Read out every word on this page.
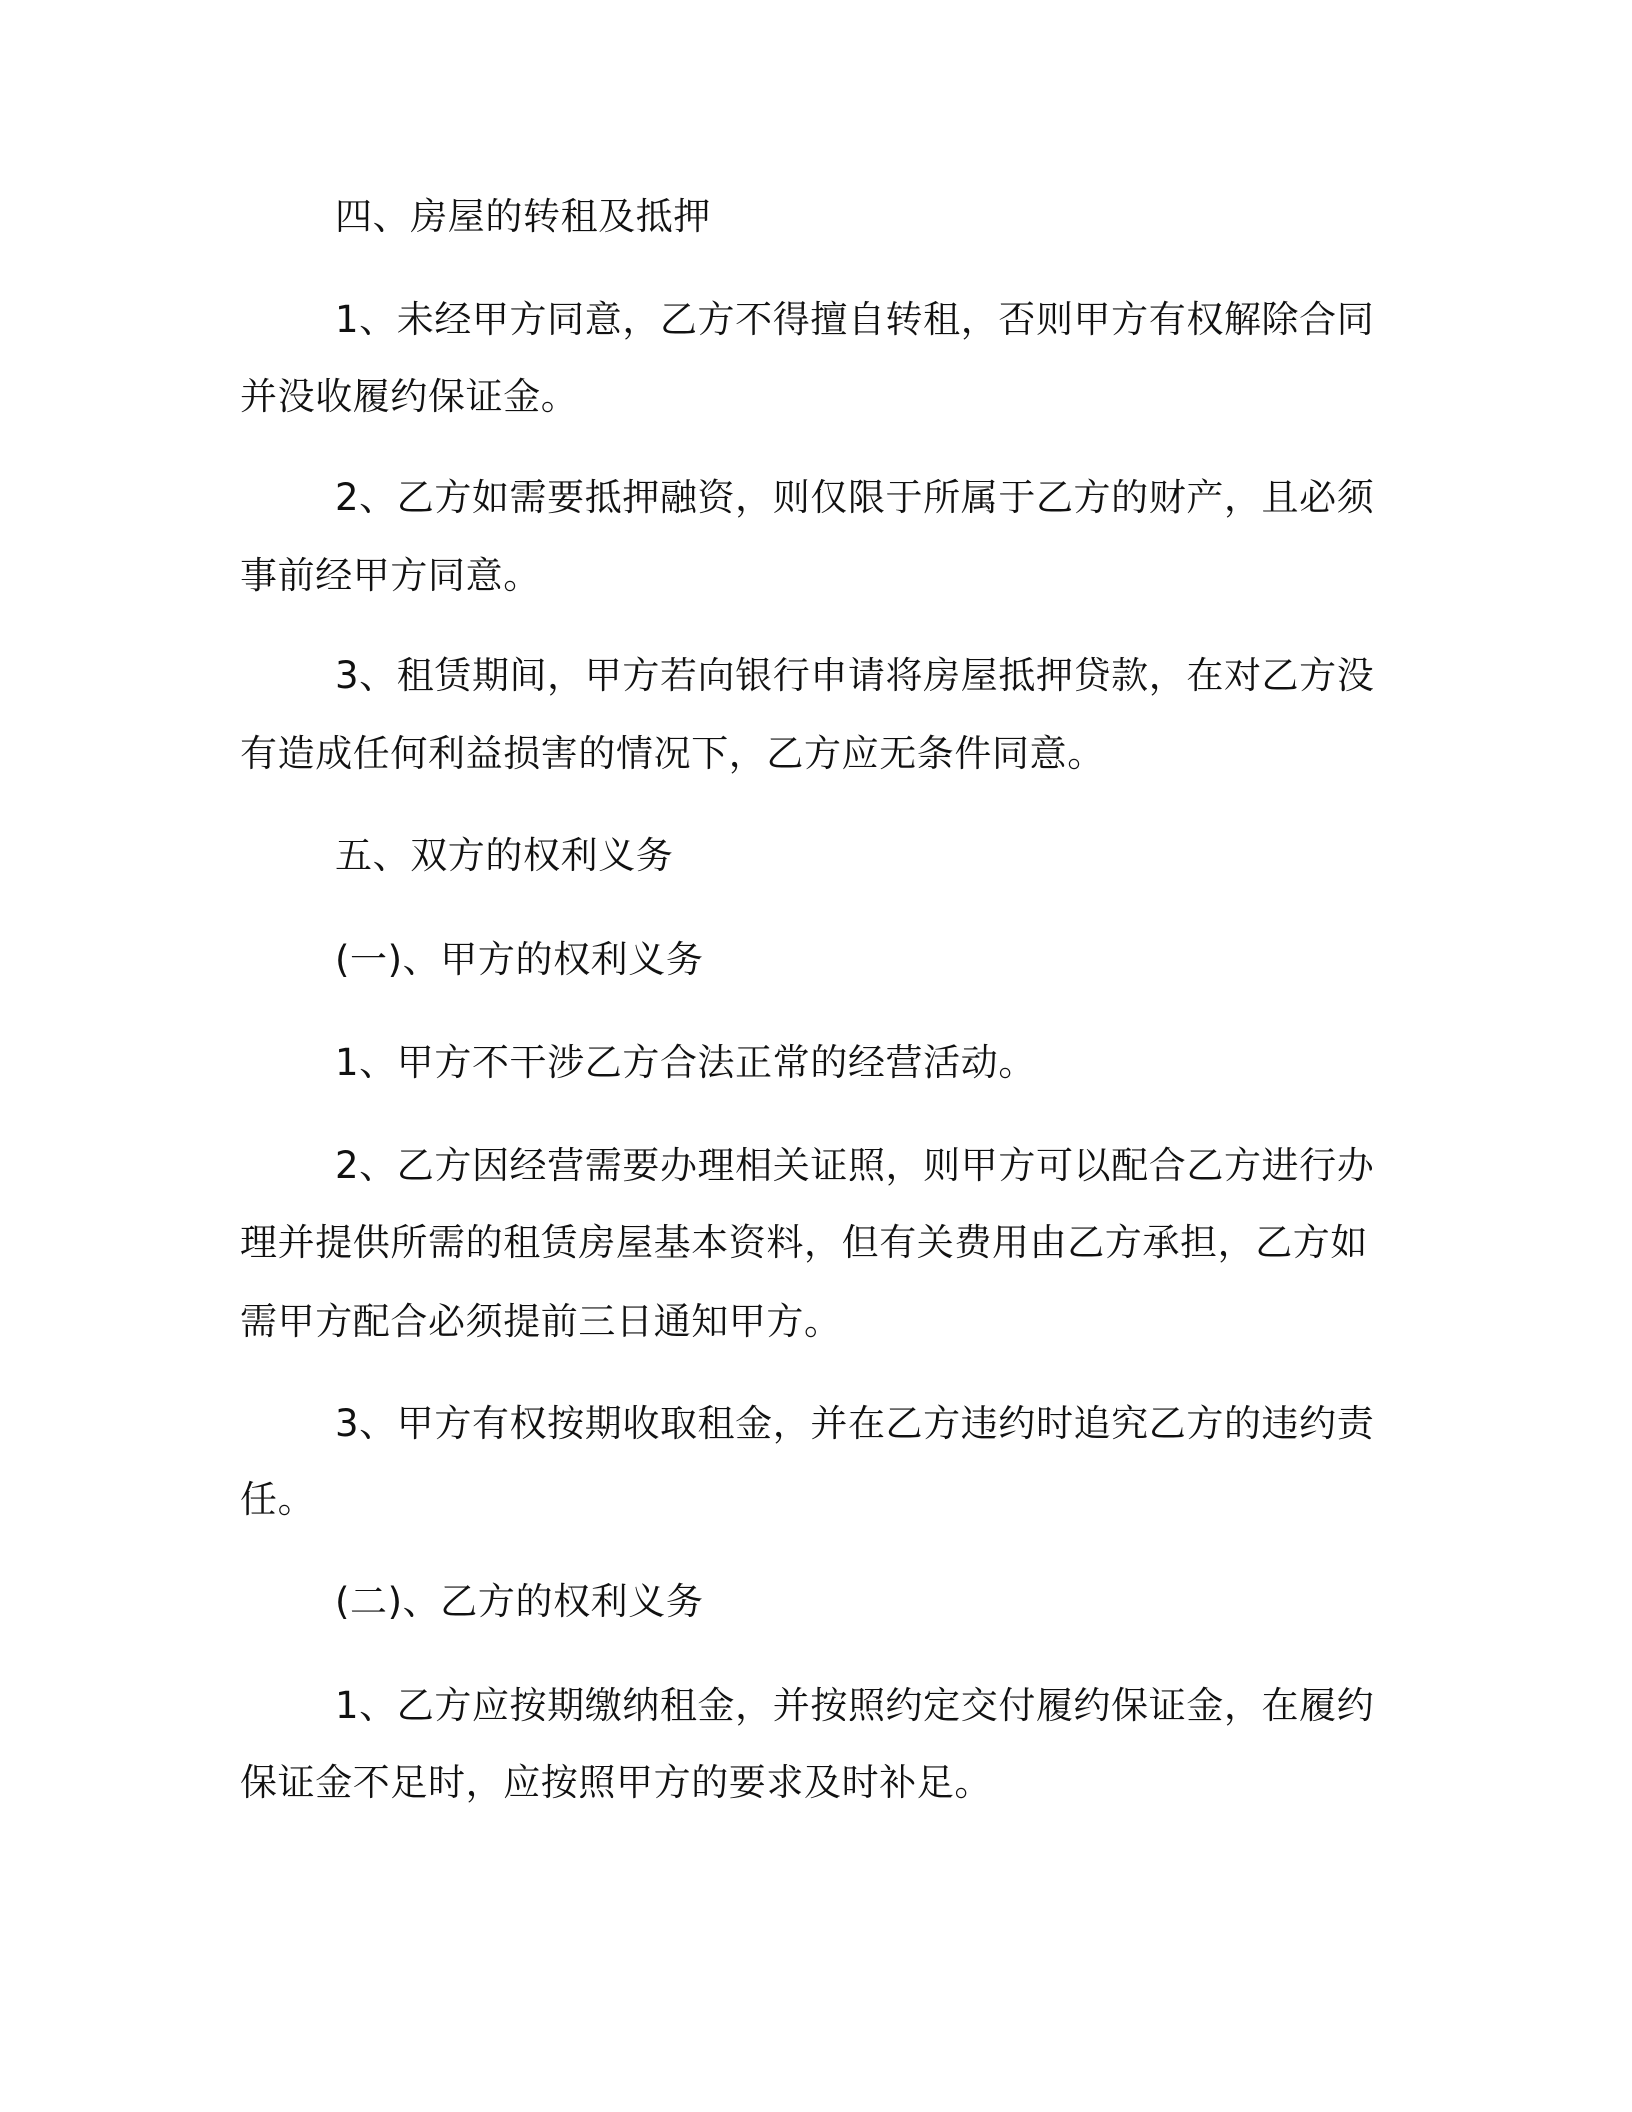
四、房屋的转租及抵押

1、未经甲方同意，乙方不得擅自转租，否则甲方有权解除合同

并没收履约保证金。

2、乙方如需要抵押融资，则仅限于所属于乙方的财产，且必须

事前经甲方同意。

3、租赁期间，甲方若向银行申请将房屋抵押贷款，在对乙方没

有造成任何利益损害的情况下，乙方应无条件同意。

五、双方的权利义务

(一)、甲方的权利义务

1、甲方不干涉乙方合法正常的经营活动。

2、乙方因经营需要办理相关证照，则甲方可以配合乙方进行办

理并提供所需的租赁房屋基本资料，但有关费用由乙方承担，乙方如

需甲方配合必须提前三日通知甲方。

3、甲方有权按期收取租金，并在乙方违约时追究乙方的违约责

任。

(二)、乙方的权利义务

1、乙方应按期缴纳租金，并按照约定交付履约保证金，在履约

保证金不足时，应按照甲方的要求及时补足。
